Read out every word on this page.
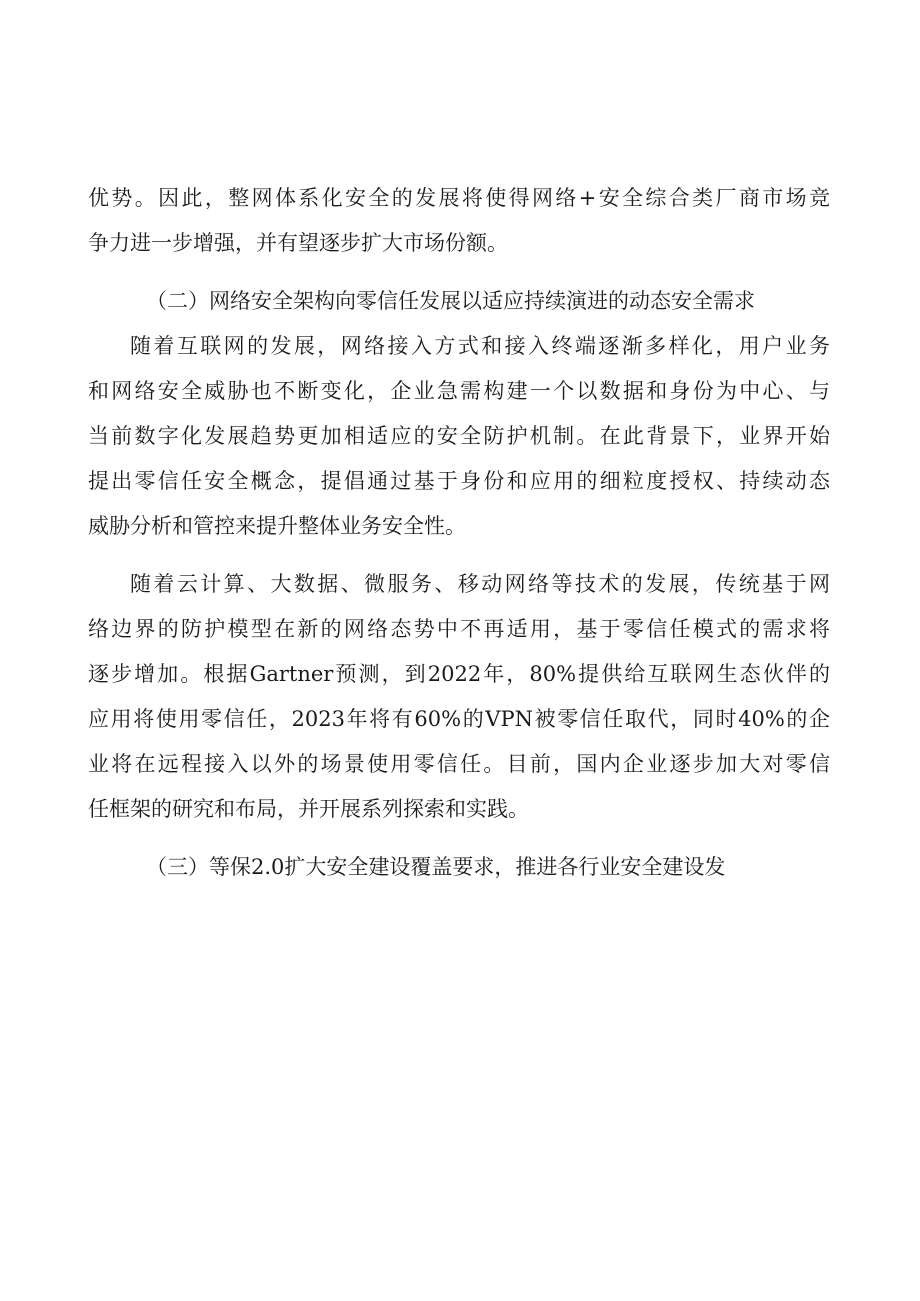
优势。因此，整网体系化安全的发展将使得网络+安全综合类厂商市场竞
争力进一步增强，并有望逐步扩大市场份额。
（二）网络安全架构向零信任发展以适应持续演进的动态安全需求
随着互联网的发展，网络接入方式和接入终端逐渐多样化，用户业务
和网络安全威胁也不断变化，企业急需构建一个以数据和身份为中心、与
当前数字化发展趋势更加相适应的安全防护机制。在此背景下，业界开始
提出零信任安全概念，提倡通过基于身份和应用的细粒度授权、持续动态
威胁分析和管控来提升整体业务安全性。
随着云计算、大数据、微服务、移动网络等技术的发展，传统基于网
络边界的防护模型在新的网络态势中不再适用，基于零信任模式的需求将
逐步增加。根据Gartner预测，到2022年，80%提供给互联网生态伙伴的
应用将使用零信任，2023年将有60%的VPN被零信任取代，同时40%的企
业将在远程接入以外的场景使用零信任。目前，国内企业逐步加大对零信
任框架的研究和布局，并开展系列探索和实践。
（三）等保2.0扩大安全建设覆盖要求，推进各行业安全建设发
